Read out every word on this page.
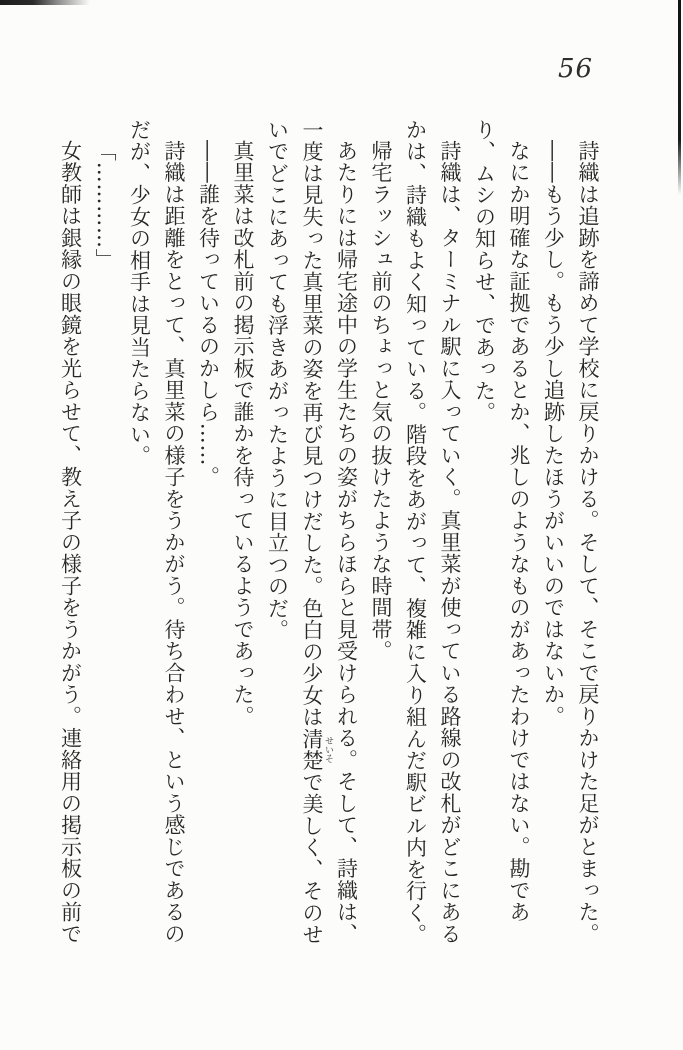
56

詩織は追跡を諦めて学校に戻りかける。そして、そこで戻りかけた足がとまった。

――もう少し。もう少し追跡したほうがいいのではないか。

なにか明確な証拠であるとか、兆しのようなものがあったわけではない。勘であり、ムシの知らせ、であった。

詩織は、ターミナル駅に入っていく。真里菜が使っている路線の改札がどこにあるかは、詩織もよく知っている。階段をあがって、複雑に入り組んだ駅ビル内を行く。

帰宅ラッシュ前のちょっと気の抜けたような時間帯。

あたりには帰宅途中の学生たちの姿がちらほらと見受けられる。そして、詩織は、一度は見失った真里菜の姿を再び見つけだした。色白の少女は清楚 せいそで美しく、そのせいでどこにあっても浮きあがったように目立つのだ。

真里菜は改札前の掲示板で誰かを待っているようであった。

――誰を待っているのかしら……。

詩織は距離をとって、真里菜の様子をうかがう。待ち合わせ、という感じであるのだが、少女の相手は見当たらない。

「…………」

女教師は銀縁の眼鏡を光らせて、教え子の様子をうかがう。連絡用の掲示板の前で
